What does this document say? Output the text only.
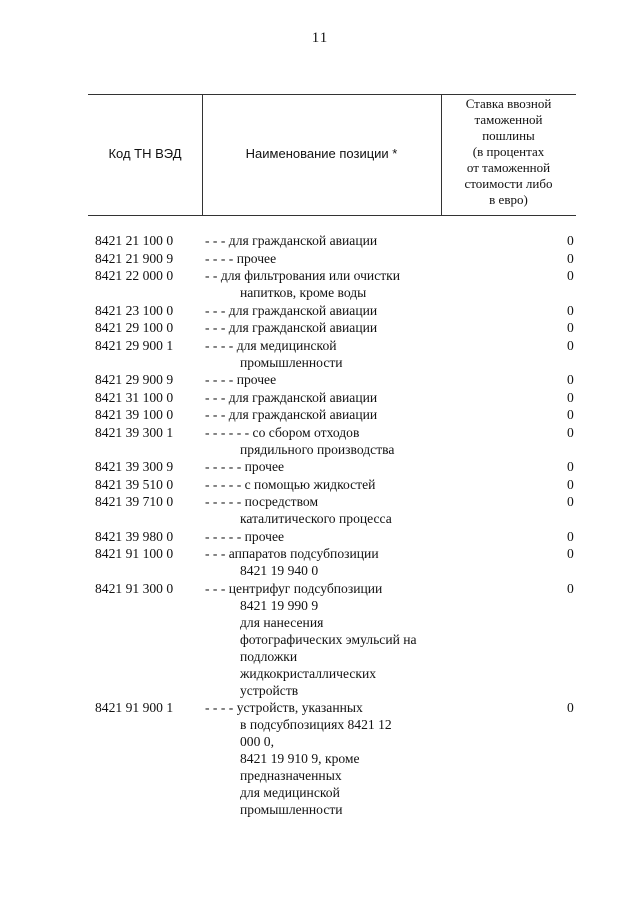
11
Код ТН ВЭД	Наименование позиции *
Ставка ввозной
таможенной
пошлины
(в процентах
от таможенной
стоимости либо
в евро)
8421 21 100 0	- - - для гражданской авиации	0
8421 21 900 9	- - - - прочее	0
8421 22 000 0	- - для фильтрования или очистки
напитков, кроме воды
0
8421 23 100 0	- - - для гражданской авиации	0
8421 29 100 0	- - - для гражданской авиации	0
8421 29 900 1	- - - - для медицинской
промышленности
0
8421 29 900 9	- - - - прочее	0
8421 31 100 0	- - - для гражданской авиации	0
8421 39 100 0	- - - для гражданской авиации	0
8421 39 300 1	- - - - - - со сбором отходов
прядильного производства
0
8421 39 300 9	- - - - - прочее	0
8421 39 510 0	- - - - - с помощью жидкостей	0
8421 39 710 0	- - - - - посредством
каталитического процесса
0
8421 39 980 0	- - - - - прочее	0
8421 91 100 0	- - - аппаратов подсубпозиции
8421 19 940 0
0
8421 91 300 0	- - - центрифуг подсубпозиции
8421 19 990 9
для нанесения
фотографических эмульсий на
подложки
жидкокристаллических
устройств
0
8421 91 900 1	- - - - устройств, указанных
в подсубпозициях 8421 12
000 0,
8421 19 910 9, кроме
предназначенных
для медицинской
промышленности
0
